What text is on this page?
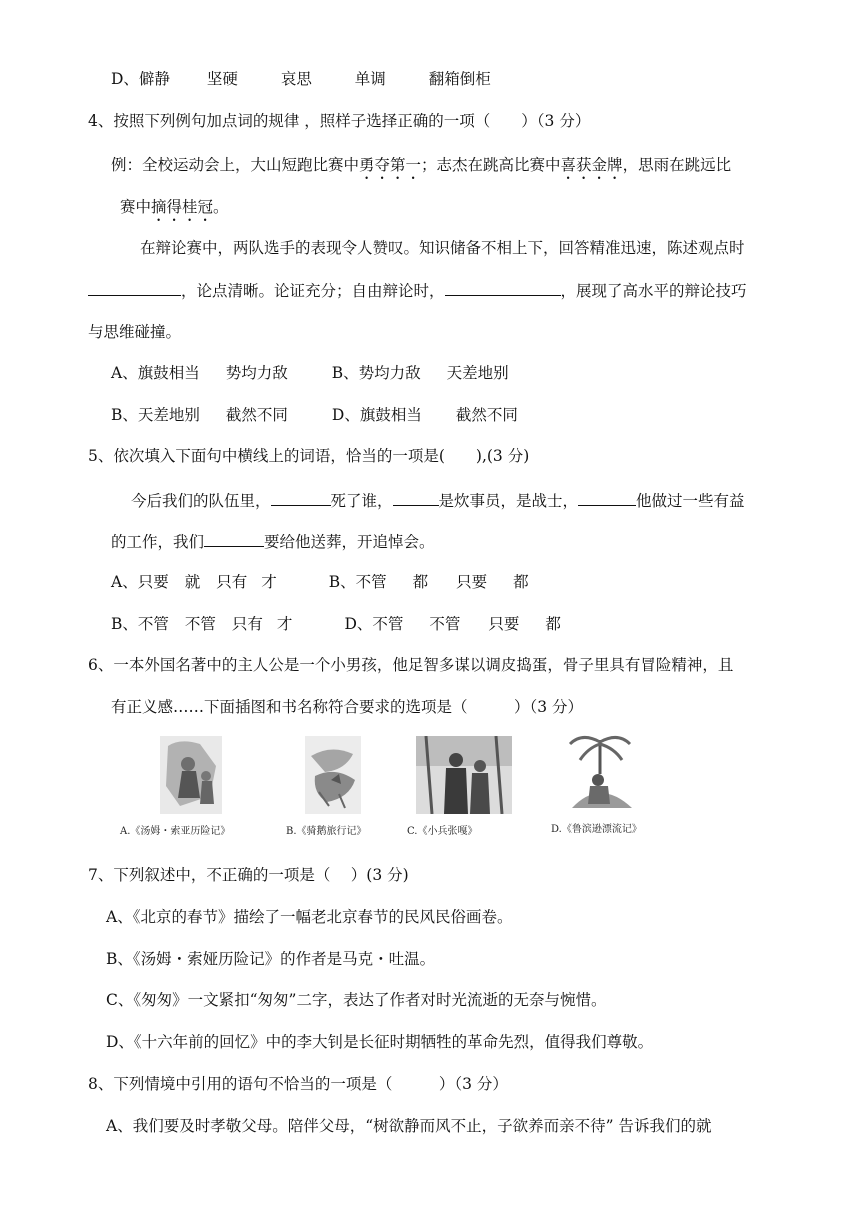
D、僻静 坚硬	哀思	单调	翻箱倒柜
4、按照下列例句加点词的规律 ，照样子选择正确的一项（　　）（3 分）
例：全校运动会上，大山短跑比赛中勇夺第一；志杰在跳高比赛中喜获金牌，思雨在跳远比
赛中摘得桂冠。
在辩论赛中，两队选手的表现令人赞叹。知识储备不相上下，回答精准迅速，陈述观点时
，论点清晰。论证充分；自由辩论时，	，展现了高水平的辩论技巧
与思维碰撞。
A、旗鼓相当 势均力敌	B、势均力敌 天差地别
B、天差地别 截然不同	D、旗鼓相当 截然不同
5、依次填入下面句中横线上的词语，恰当的一项是(　　),(3 分)
今后我们的队伍里，	死了谁，	是炊事员，是战士，	他做过一些有益
的工作，我们	要给他送葬，开追悼会。
A、只要 就 只有 才	B、不管 都 只要 都
B、不管 不管 只有 才	D、不管 不管 只要 都
6、一本外国名著中的主人公是一个小男孩，他足智多谋以调皮捣蛋，骨子里具有冒险精神，且
有正义感……下面插图和书名称符合要求的选项是（　　　）（3 分）
A.《汤姆・索亚历险记》	B.《骑鹅旅行记》	C.《小兵张嘎》	D.《鲁滨逊漂流记》
7、下列叙述中，不正确的一项是（　 ）(3 分)
A、《北京的春节》描绘了一幅老北京春节的民风民俗画卷。
B、《汤姆・索娅历险记》的作者是马克・吐温。
C、《匆匆》一文紧扣“匆匆”二字，表达了作者对时光流逝的无奈与惋惜。
D、《十六年前的回忆》中的李大钊是长征时期牺牲的革命先烈，值得我们尊敬。
8、下列情境中引用的语句不恰当的一项是（　　　）（3 分）
A、我们要及时孝敬父母。陪伴父母，“树欲静而风不止，子欲养而亲不待” 告诉我们的就
